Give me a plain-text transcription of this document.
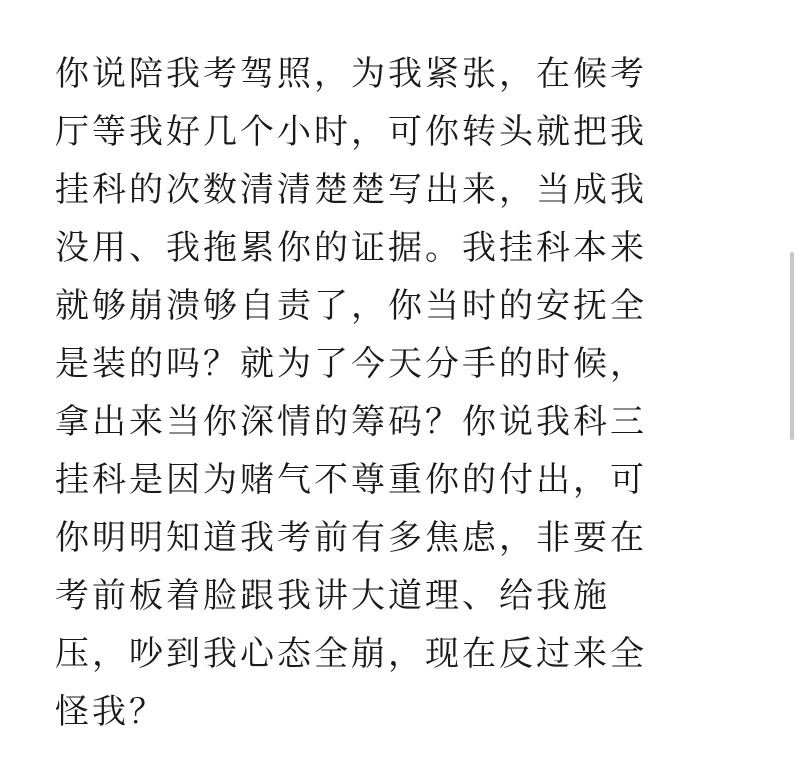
你说陪我考驾照，为我紧张，在候考
厅等我好几个小时，可你转头就把我
挂科的次数清清楚楚写出来，当成我
没用、我拖累你的证据。我挂科本来
就够崩溃够自责了，你当时的安抚全
是装的吗？就为了今天分手的时候，
拿出来当你深情的筹码？你说我科三
挂科是因为赌气不尊重你的付出，可
你明明知道我考前有多焦虑，非要在
考前板着脸跟我讲大道理、给我施
压，吵到我心态全崩，现在反过来全
怪我？
